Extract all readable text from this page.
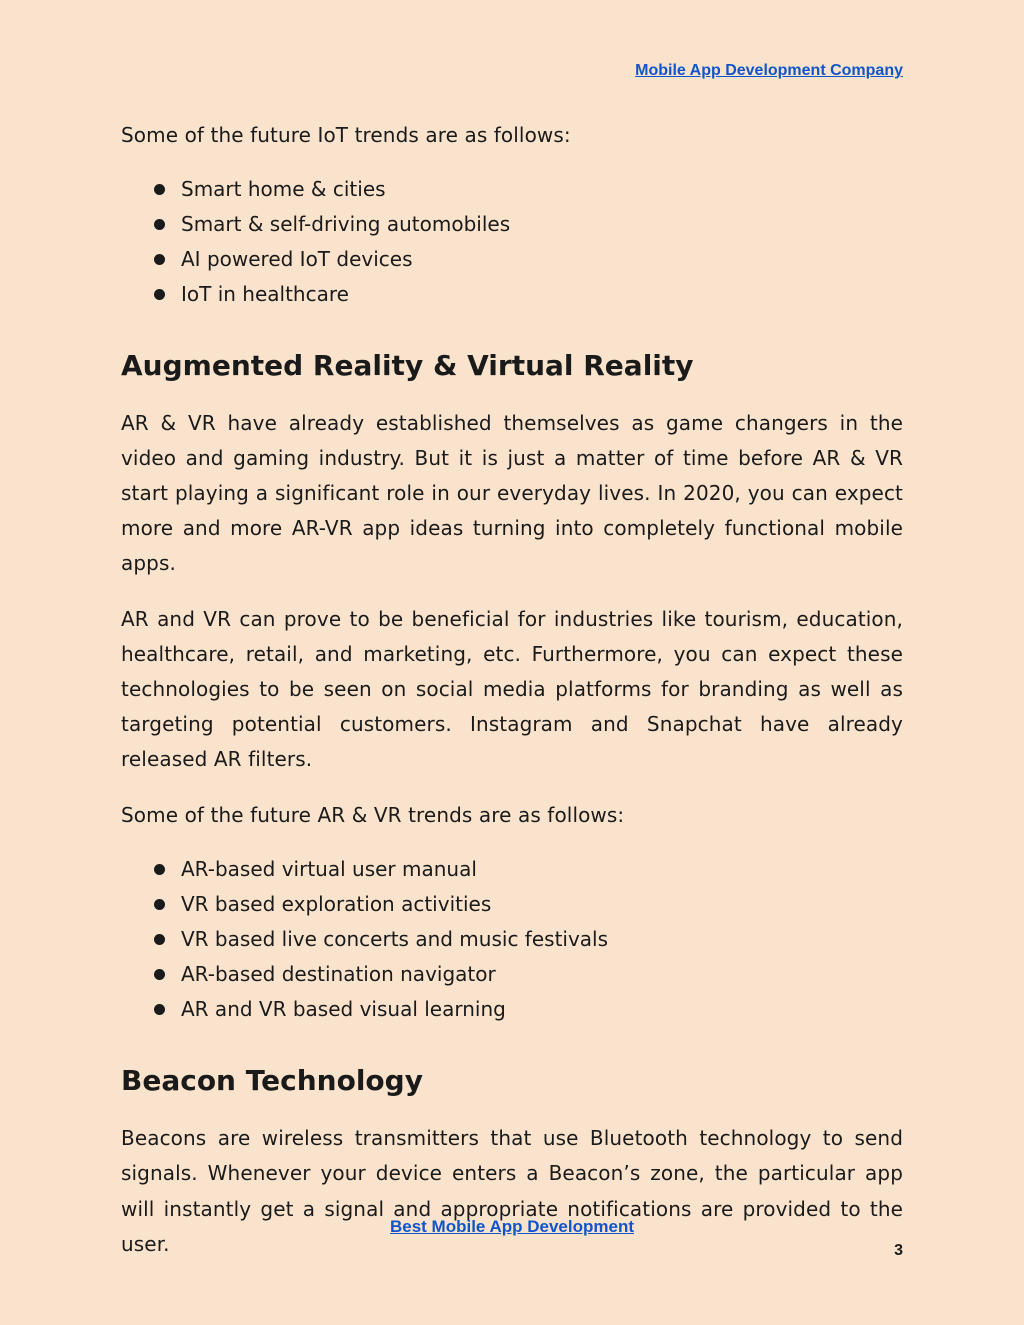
Mobile App Development Company

Some of the future IoT trends are as follows:

Smart home & cities
Smart & self-driving automobiles
AI powered IoT devices
IoT in healthcare
Augmented Reality & Virtual Reality

AR & VR have already established themselves as game changers in the video and gaming industry. But it is just a matter of time before AR & VR start playing a significant role in our everyday lives. In 2020, you can expect more and more AR-VR app ideas turning into completely functional mobile apps.

AR and VR can prove to be beneficial for industries like tourism, education, healthcare, retail, and marketing, etc. Furthermore, you can expect these technologies to be seen on social media platforms for branding as well as targeting potential customers. Instagram and Snapchat have already released AR filters.

Some of the future AR & VR trends are as follows:

AR-based virtual user manual
VR based exploration activities
VR based live concerts and music festivals
AR-based destination navigator
AR and VR based visual learning
Beacon Technology

Beacons are wireless transmitters that use Bluetooth technology to send signals. Whenever your device enters a Beacon’s zone, the particular app will instantly get a signal and appropriate notifications are provided to the user.

Best Mobile App Development
3
